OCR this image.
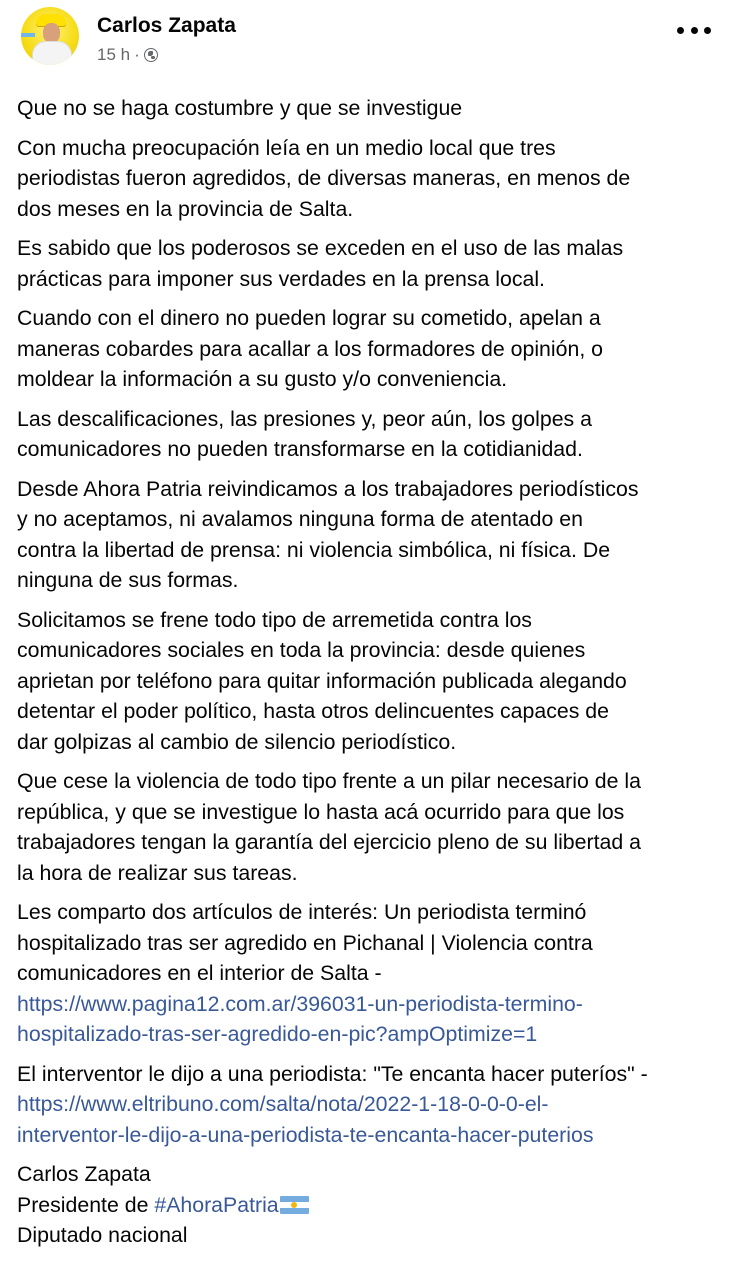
Carlos Zapata
15 h ·

Que no se haga costumbre y que se investigue

Con mucha preocupación leía en un medio local que tres
periodistas fueron agredidos, de diversas maneras, en menos de
dos meses en la provincia de Salta.

Es sabido que los poderosos se exceden en el uso de las malas
prácticas para imponer sus verdades en la prensa local.

Cuando con el dinero no pueden lograr su cometido, apelan a
maneras cobardes para acallar a los formadores de opinión, o
moldear la información a su gusto y/o conveniencia.

Las descalificaciones, las presiones y, peor aún, los golpes a
comunicadores no pueden transformarse en la cotidianidad.

Desde Ahora Patria reivindicamos a los trabajadores periodísticos
y no aceptamos, ni avalamos ninguna forma de atentado en
contra la libertad de prensa: ni violencia simbólica, ni física. De
ninguna de sus formas.

Solicitamos se frene todo tipo de arremetida contra los
comunicadores sociales en toda la provincia: desde quienes
aprietan por teléfono para quitar información publicada alegando
detentar el poder político, hasta otros delincuentes capaces de
dar golpizas al cambio de silencio periodístico.

Que cese la violencia de todo tipo frente a un pilar necesario de la
república, y que se investigue lo hasta acá ocurrido para que los
trabajadores tengan la garantía del ejercicio pleno de su libertad a
la hora de realizar sus tareas.

Les comparto dos artículos de interés: Un periodista terminó
hospitalizado tras ser agredido en Pichanal | Violencia contra
comunicadores en el interior de Salta -
https://www.pagina12.com.ar/396031-un-periodista-termino-
hospitalizado-tras-ser-agredido-en-pic?ampOptimize=1

El interventor le dijo a una periodista: "Te encanta hacer puteríos" -
https://www.eltribuno.com/salta/nota/2022-1-18-0-0-0-el-
interventor-le-dijo-a-una-periodista-te-encanta-hacer-puterios

Carlos Zapata
Presidente de #AhoraPatria
Diputado nacional
